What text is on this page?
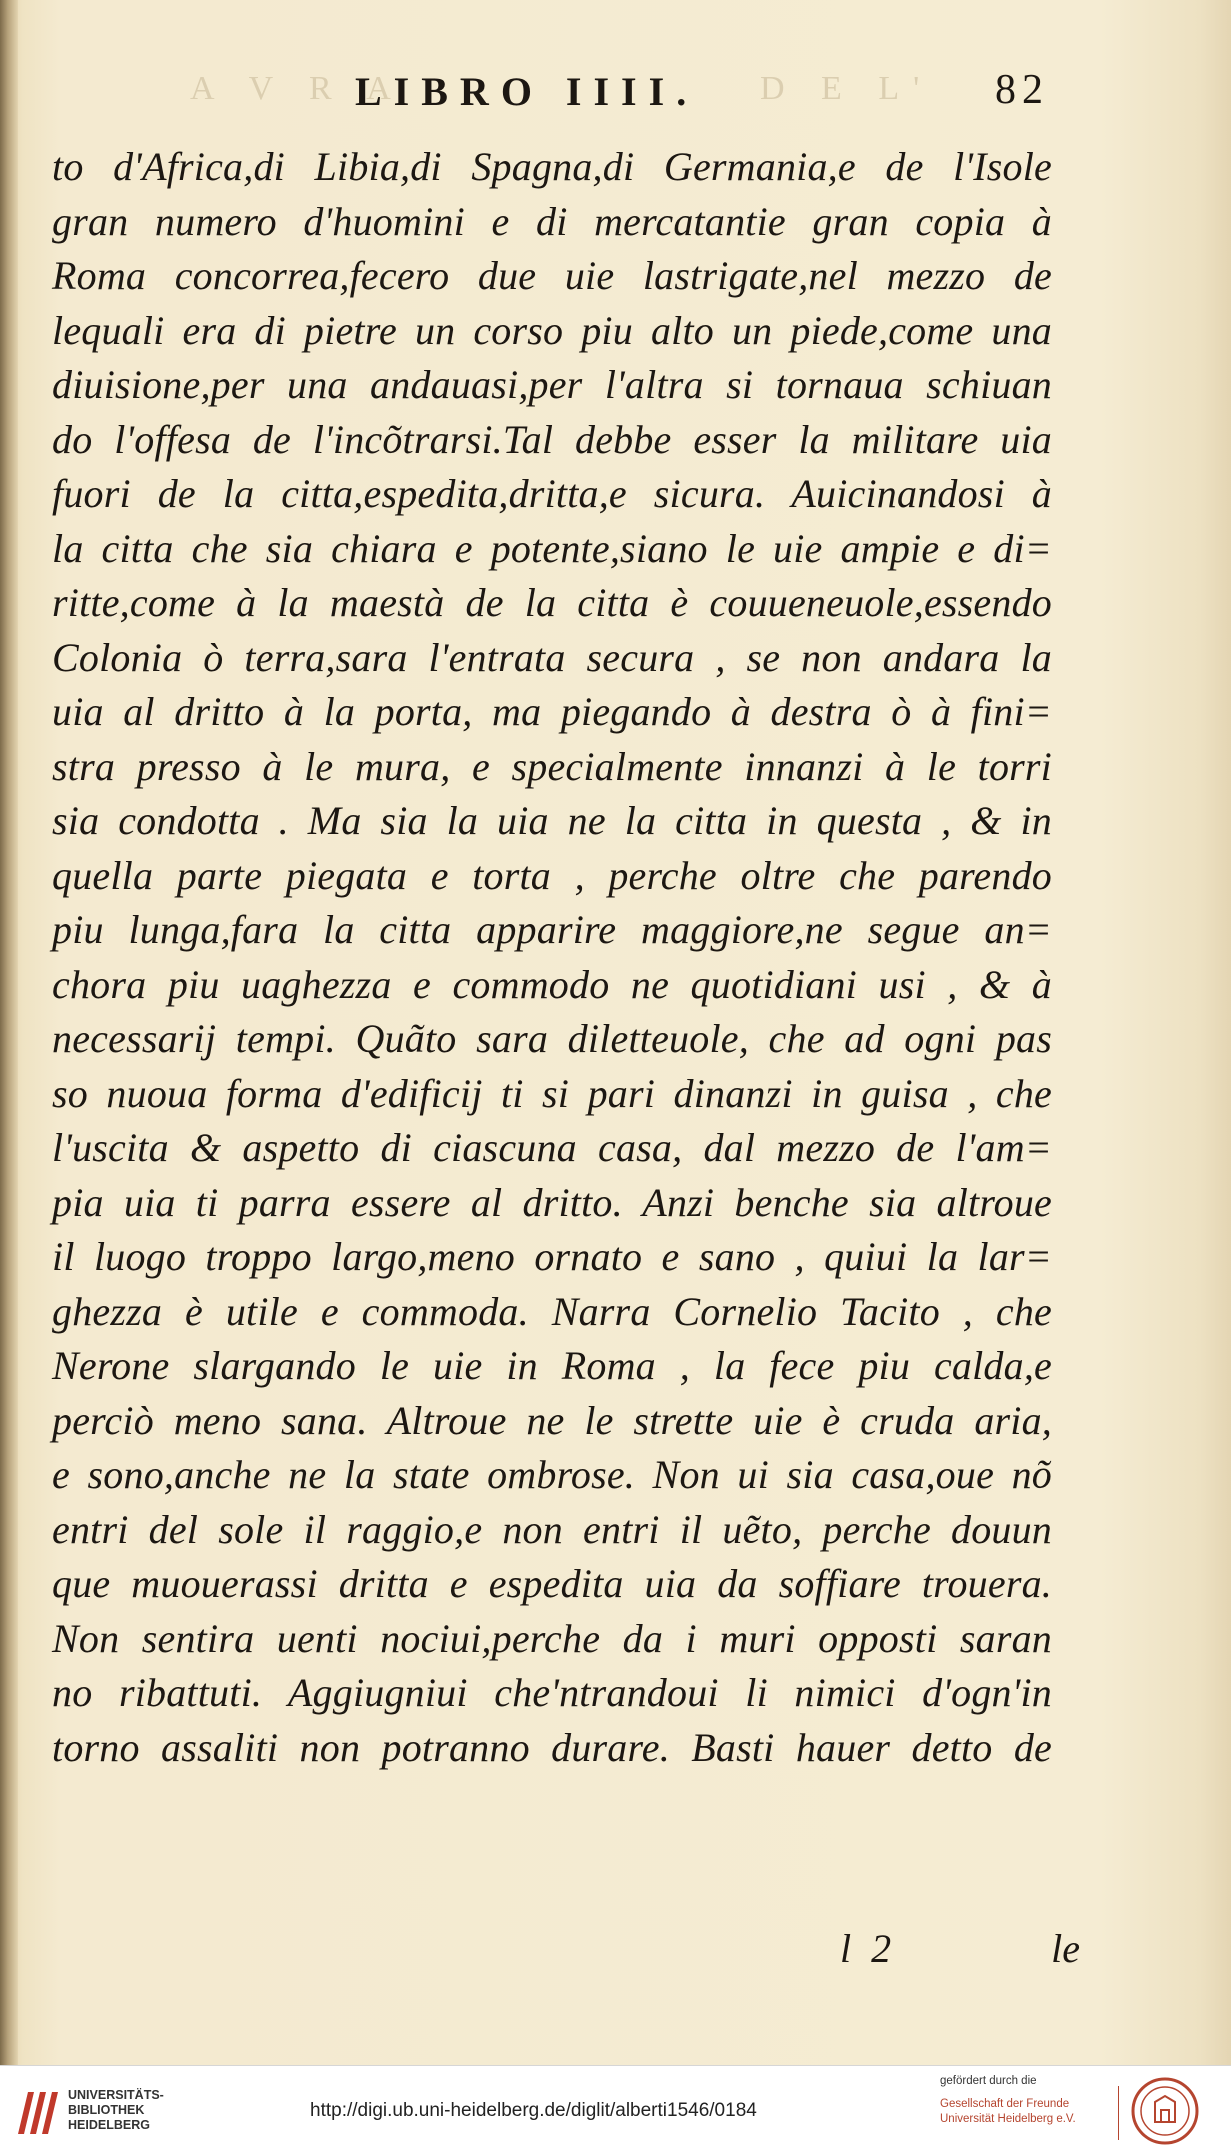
A V R A
LIBRO IIII. D E L' 82
to d'Africa,di Libia,di Spagna,di Germania,e de l'Isole
gran numero d'huomini e di mercatantie gran copia à
Roma concorrea,fecero due uie lastrigate,nel mezzo de
lequali era di pietre un corso piu alto un piede,come una
diuisione,per una andauasi,per l'altra si tornaua schiuan
do l'offesa de l'incõtrarsi.Tal debbe esser la militare uia
fuori de la citta,espedita,dritta,e sicura. Auicinandosi à
la citta che sia chiara e potente,siano le uie ampie e di=
ritte,come à la maestà de la citta è couueneuole,essendo
Colonia ò terra,sara l'entrata secura , se non andara la
uia al dritto à la porta, ma piegando à destra ò à fini=
stra presso à le mura, e specialmente innanzi à le torri
sia condotta . Ma sia la uia ne la citta in questa , & in
quella parte piegata e torta , perche oltre che parendo
piu lunga,fara la citta apparire maggiore,ne segue an=
chora piu uaghezza e commodo ne quotidiani usi , & à
necessarij tempi. Quãto sara diletteuole, che ad ogni pas
so nuoua forma d'edificij ti si pari dinanzi in guisa , che
l'uscita & aspetto di ciascuna casa, dal mezzo de l'am=
pia uia ti parra essere al dritto. Anzi benche sia altroue
il luogo troppo largo,meno ornato e sano , quiui la lar=
ghezza è utile e commoda. Narra Cornelio Tacito , che
Nerone slargando le uie in Roma , la fece piu calda,e
perciò meno sana. Altroue ne le strette uie è cruda aria,
e sono,anche ne la state ombrose. Non ui sia casa,oue nõ
entri del sole il raggio,e non entri il uẽto, perche douun
que muouerassi dritta e espedita uia da soffiare trouera.
Non sentira uenti nociui,perche da i muri opposti saran
no ribattuti. Aggiugniui che'ntrandoui li nimici d'ogn'in
torno assaliti non potranno durare. Basti hauer detto de
l  2	le
UNIVERSITÄTS-
BIBLIOTHEK
HEIDELBERG
http://digi.ub.uni-heidelberg.de/diglit/alberti1546/0184
gefördert durch die
Gesellschaft der Freunde
Universität Heidelberg e.V.
